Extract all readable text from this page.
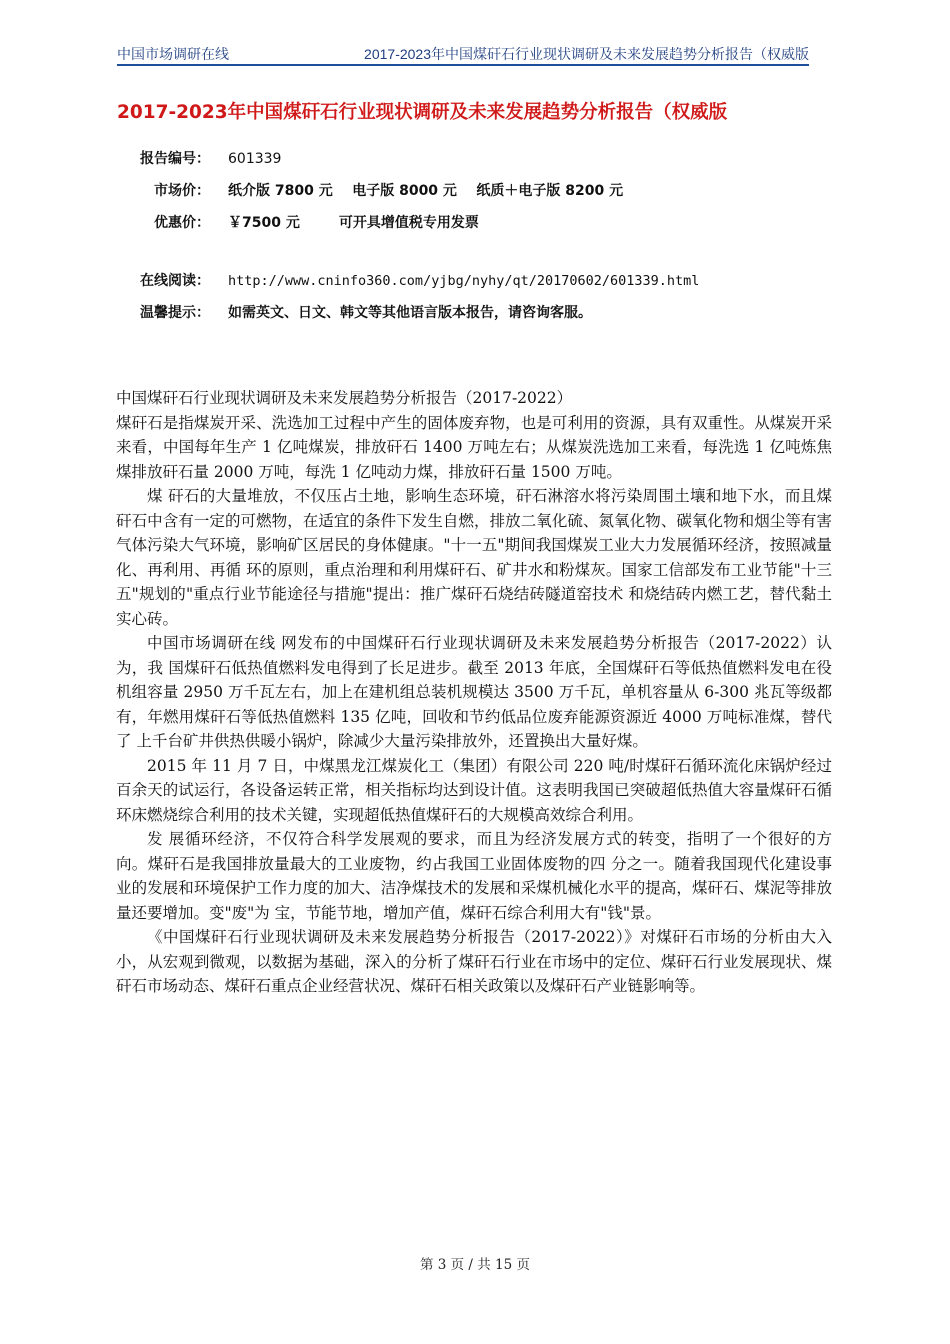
中国市场调研在线	2017-2023年中国煤矸石行业现状调研及未来发展趋势分析报告（权威版
2017-2023年中国煤矸石行业现状调研及未来发展趋势分析报告（权威版
报告编号： 601339
市场价： 纸介版 7800 元    电子版 8000 元    纸质＋电子版 8200 元
优惠价： ￥7500 元        可开具增值税专用发票
在线阅读： http://www.cninfo360.com/yjbg/nyhy/qt/20170602/601339.html
温馨提示： 如需英文、日文、韩文等其他语言版本报告，请咨询客服。

中国煤矸石行业现状调研及未来发展趋势分析报告（2017-2022）

煤矸石是指煤炭开采、洗选加工过程中产生的固体废弃物，也是可利用的资源，具有双重性。从煤炭开采来看，中国每年生产 1 亿吨煤炭，排放矸石 1400 万吨左右；从煤炭洗选加工来看，每洗选 1 亿吨炼焦煤排放矸石量 2000 万吨，每洗 1 亿吨动力煤，排放矸石量 1500 万吨。

煤 矸石的大量堆放，不仅压占土地，影响生态环境，矸石淋溶水将污染周围土壤和地下水，而且煤矸石中含有一定的可燃物，在适宜的条件下发生自燃，排放二氧化硫、氮氧化物、碳氧化物和烟尘等有害气体污染大气环境，影响矿区居民的身体健康。"十一五"期间我国煤炭工业大力发展循环经济，按照减量化、再利用、再循 环的原则，重点治理和利用煤矸石、矿井水和粉煤灰。国家工信部发布工业节能"十三五"规划的"重点行业节能途径与措施"提出：推广煤矸石烧结砖隧道窑技术 和烧结砖内燃工艺，替代黏土实心砖。

中国市场调研在线 网发布的中国煤矸石行业现状调研及未来发展趋势分析报告（2017-2022）认为，我 国煤矸石低热值燃料发电得到了长足进步。截至 2013 年底，全国煤矸石等低热值燃料发电在役机组容量 2950 万千瓦左右，加上在建机组总装机规模达 3500 万千瓦，单机容量从 6-300 兆瓦等级都有，年燃用煤矸石等低热值燃料 135 亿吨，回收和节约低品位废弃能源资源近 4000 万吨标准煤，替代了 上千台矿井供热供暖小锅炉，除减少大量污染排放外，还置换出大量好煤。

2015 年 11 月 7 日，中煤黑龙江煤炭化工（集团）有限公司 220 吨/时煤矸石循环流化床锅炉经过百余天的试运行，各设备运转正常，相关指标均达到设计值。这表明我国已突破超低热值大容量煤矸石循环床燃烧综合利用的技术关键，实现超低热值煤矸石的大规模高效综合利用。

发 展循环经济，不仅符合科学发展观的要求，而且为经济发展方式的转变，指明了一个很好的方向。煤矸石是我国排放量最大的工业废物，约占我国工业固体废物的四 分之一。随着我国现代化建设事业的发展和环境保护工作力度的加大、洁净煤技术的发展和采煤机械化水平的提高，煤矸石、煤泥等排放量还要增加。变"废"为 宝，节能节地，增加产值，煤矸石综合利用大有"钱"景。

《中国煤矸石行业现状调研及未来发展趋势分析报告（2017-2022）》对煤矸石市场的分析由大入小，从宏观到微观，以数据为基础，深入的分析了煤矸石行业在市场中的定位、煤矸石行业发展现状、煤矸石市场动态、煤矸石重点企业经营状况、煤矸石相关政策以及煤矸石产业链影响等。

第 3 页 / 共 15 页
